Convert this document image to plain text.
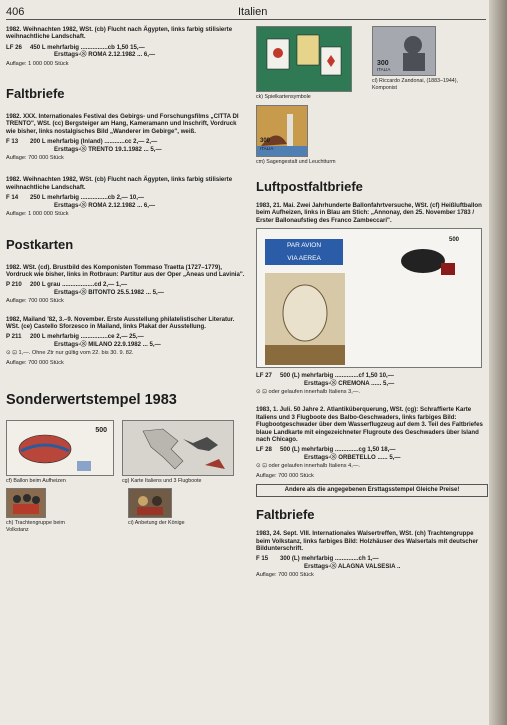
406	Italien
1982. Weihnachten 1982, WSt. (cb) Flucht nach Ägypten, links farbig stilisierte weihnachtliche Landschaft.
LF 26	450 L mehrfarbig ................cb 1,50 15,—
Ersttags-Ⓢ ROMA 2.12.1982 ... 6,—
Auflage: 1 000 000 Stück
Faltbriefe
1982. XXX. Internationales Festival des Gebirgs- und Forschungsfilms „CITTA DI TRENTO", WSt. (cc) Bergsteiger am Hang, Kameramann und Inschrift, Vordruck wie bisher, links nostalgisches Bild „Wanderer im Gebirge", weiß.
F 13	200 L mehrfarbig (Inland) ............cc 2,— 2,—
Ersttags-Ⓢ TRENTO 19.1.1982 ... 5,—
Auflage: 700 000 Stück
1982. Weihnachten 1982, WSt. (cb) Flucht nach Ägypten, links farbig stilisierte weihnachtliche Landschaft.
F 14	250 L mehrfarbig ................cb 2,— 10,—
Ersttags-Ⓢ ROMA 2.12.1982 ... 6,—
Auflage: 1 000 000 Stück
Postkarten
1982. WSt. (cd). Brustbild des Komponisten Tommaso Traetta (1727–1779), Vordruck wie bisher, links in Rotbraun: Partitur aus der Oper „Aneas und Lavinia".
P 210	200 L grau ...................cd 2,— 1,—
Ersttags-Ⓢ BITONTO 25.5.1982 ... 5,—
Auflage: 700 000 Stück
1982, Mailand '82, 3.–9. November. Erste Ausstellung philatelistischer Literatur. WSt. (ce) Castello Sforzesco in Mailand, links Plakat der Ausstellung.
P 211	200 L mehrfarbig ................ce 2,— 25,—
Ersttags-Ⓢ MILANO 22.9.1982 ... 5,—
⊙ ⊡ 1,—. Ohne Ztr nur gültig vom 22. bis 30. 9. 82.
Auflage: 700 000 Stück
Sonderwertstempel 1983
500
cf) Ballon beim Aufheizen	cg) Karte Italiens und 3 Flugboote
ch) Trachtengruppe beim Volkstanz
ci) Anbetung der Könige
ck) Spielkartensymbole
300
ITALIA
cl) Riccardo Zandonai, (1883–1944), Komponist
300
ITALIA
cm) Sagengestalt und Leuchtturm
Luftpostfaltbriefe
1983, 21. Mai. Zwei Jahrhunderte Ballonfahrtversuche, WSt. (cf) Heißluftballon beim Aufheizen, links in Blau am Stich: „Annonay, den 25. November 1783 / Erster Ballonaufstieg des Franco Zambeccari".
PAR AVION
VIA AEREA
500
LF 27	500 (L) mehrfarbig ..............cf 1,50 10,—
Ersttags-Ⓢ CREMONA ...... 5,—
⊙ ⊡ oder gelaufen innerhalb Italiens 3,—.
1983, 1. Juli. 50 Jahre 2. Atlantiküberquerung, WSt. (cg): Schraffierte Karte Italiens und 3 Flugboote des Balbo-Geschwaders, links farbiges Bild: Flugbootgeschwader über dem Wasserflugzeug auf dem 3. Teil des Faltbriefes blaue Landkarte mit eingezeichneter Flugroute des Geschwaders über Island nach Chicago.
LF 28	500 (L) mehrfarbig ..............cg 1,50 18,—
Ersttags-Ⓢ ORBETELLO ...... 5,—
⊙ ⊡ oder gelaufen innerhalb Italiens 4,—.
Auflage: 700 000 Stück
Andere als die angegebenen Ersttagsstempel Gleiche Preise!
Faltbriefe
1983, 24. Sept. VIII. Internationales Walsertreffen, WSt. (ch) Trachtengruppe beim Volkstanz, links farbiges Bild: Holzhäuser des Walsertals mit deutscher Bildunterschrift.
F 15	300 (L) mehrfarbig ..............ch 1,—
Ersttags-Ⓢ ALAGNA VALSESIA ..
Auflage: 700 000 Stück
